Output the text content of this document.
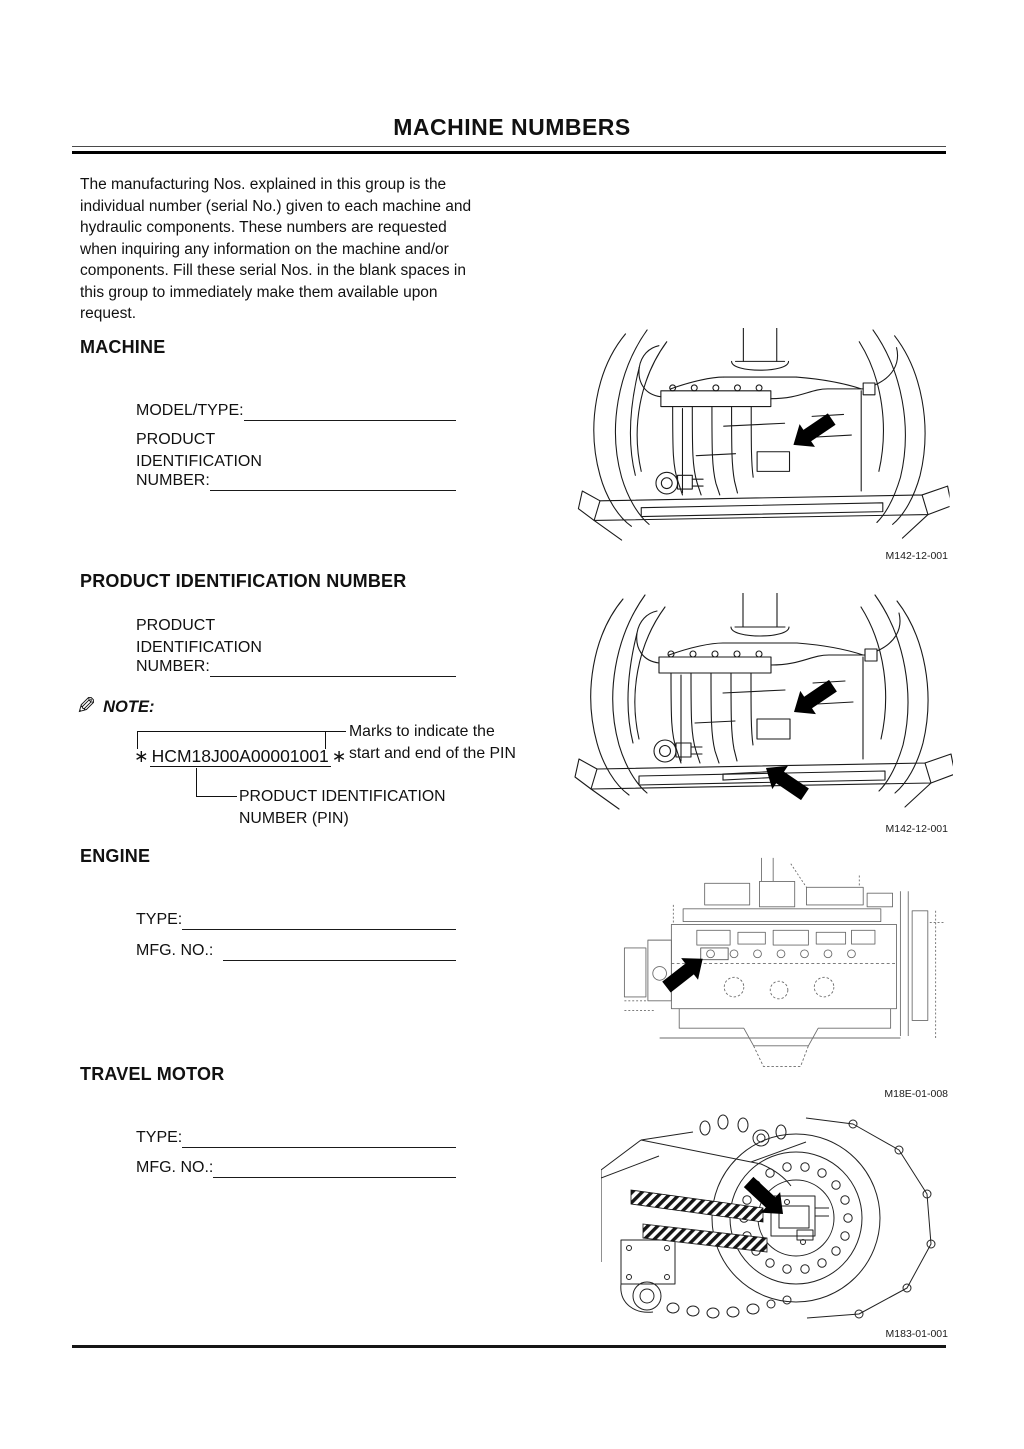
MACHINE NUMBERS
The manufacturing Nos. explained in this group is the
individual number (serial No.) given to each machine and
hydraulic components. These numbers are requested
when inquiring any information on the machine and/or
components. Fill these serial Nos. in the blank spaces in
this group to immediately make them available upon
request.
MACHINE
MODEL/TYPE:
PRODUCT
IDENTIFICATION
NUMBER:
PRODUCT IDENTIFICATION NUMBER
PRODUCT
IDENTIFICATION
NUMBER:
✎ NOTE:
Marks to indicate the
start and end of the PIN
∗ HCM18J00A00001001 ∗
PRODUCT IDENTIFICATION
NUMBER (PIN)
ENGINE
TYPE:
MFG. NO.:
TRAVEL MOTOR
TYPE:
MFG. NO.:
M142-12-001
M142-12-001
M18E-01-008
M183-01-001
